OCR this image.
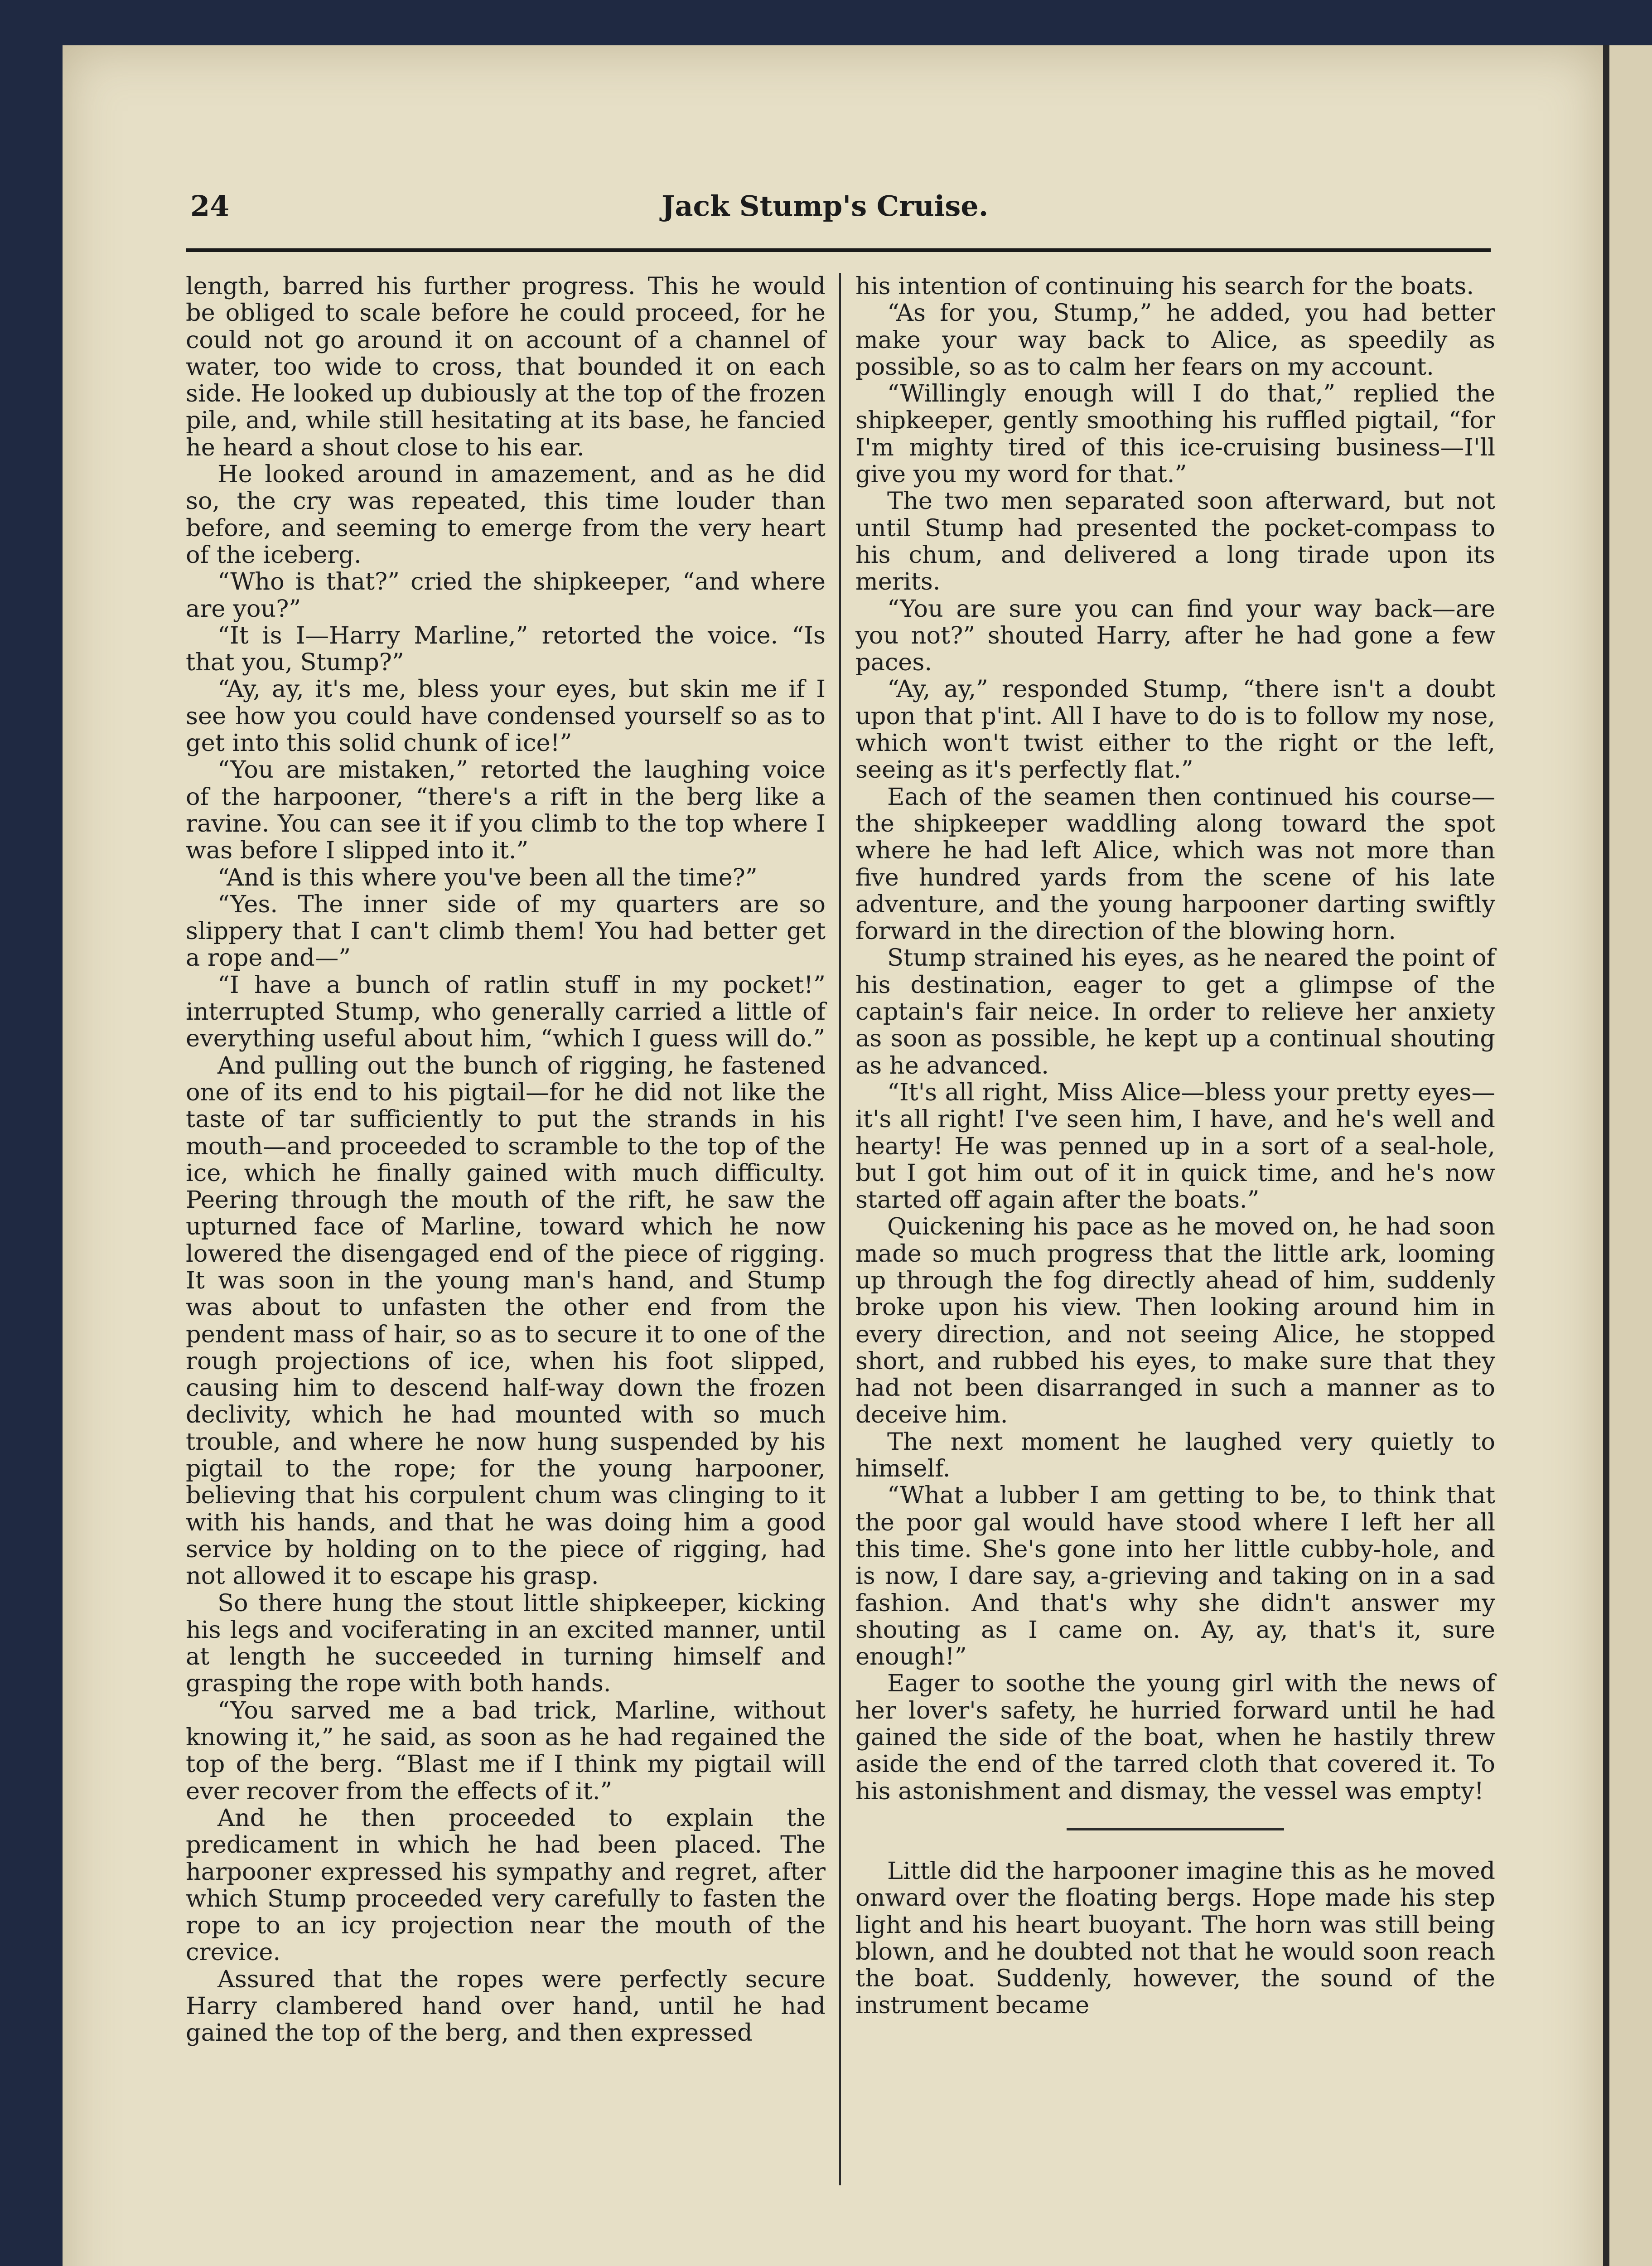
24	Jack Stump's Cruise.

length, barred his further progress. This he would be obliged to scale before he could proceed, for he could not go around it on account of a channel of water, too wide to cross, that bounded it on each side. He looked up dubiously at the top of the frozen pile, and, while still hesitating at its base, he fancied he heard a shout close to his ear.

He looked around in amazement, and as he did so, the cry was repeated, this time louder than before, and seeming to emerge from the very heart of the iceberg.

“Who is that?” cried the shipkeeper, “and where are you?”

“It is I—Harry Marline,” retorted the voice. “Is that you, Stump?”

“Ay, ay, it's me, bless your eyes, but skin me if I see how you could have condensed yourself so as to get into this solid chunk of ice!”

“You are mistaken,” retorted the laughing voice of the harpooner, “there's a rift in the berg like a ravine. You can see it if you climb to the top where I was before I slipped into it.”

“And is this where you've been all the time?”

“Yes. The inner side of my quarters are so slippery that I can't climb them! You had better get a rope and—”

“I have a bunch of ratlin stuff in my pocket!” interrupted Stump, who generally carried a little of everything useful about him, “which I guess will do.”

And pulling out the bunch of rigging, he fastened one of its end to his pigtail—for he did not like the taste of tar sufficiently to put the strands in his mouth—and proceeded to scramble to the top of the ice, which he finally gained with much difficulty. Peering through the mouth of the rift, he saw the upturned face of Marline, toward which he now lowered the disengaged end of the piece of rigging. It was soon in the young man's hand, and Stump was about to unfasten the other end from the pendent mass of hair, so as to secure it to one of the rough projections of ice, when his foot slipped, causing him to descend half-way down the frozen declivity, which he had mounted with so much trouble, and where he now hung suspended by his pigtail to the rope; for the young harpooner, believing that his corpulent chum was clinging to it with his hands, and that he was doing him a good service by holding on to the piece of rigging, had not allowed it to escape his grasp.

So there hung the stout little shipkeeper, kicking his legs and vociferating in an excited manner, until at length he succeeded in turning himself and grasping the rope with both hands.

“You sarved me a bad trick, Marline, without knowing it,” he said, as soon as he had regained the top of the berg. “Blast me if I think my pigtail will ever recover from the effects of it.”

And he then proceeded to explain the predicament in which he had been placed. The harpooner expressed his sympathy and regret, after which Stump proceeded very carefully to fasten the rope to an icy projection near the mouth of the crevice.

Assured that the ropes were perfectly secure Harry clambered hand over hand, until he had gained the top of the berg, and then expressed

his intention of continuing his search for the boats.

“As for you, Stump,” he added, you had better make your way back to Alice, as speedily as possible, so as to calm her fears on my account.

“Willingly enough will I do that,” replied the shipkeeper, gently smoothing his ruffled pigtail, “for I'm mighty tired of this ice-cruising business—I'll give you my word for that.”

The two men separated soon afterward, but not until Stump had presented the pocket-compass to his chum, and delivered a long tirade upon its merits.

“You are sure you can find your way back—are you not?” shouted Harry, after he had gone a few paces.

“Ay, ay,” responded Stump, “there isn't a doubt upon that p'int. All I have to do is to follow my nose, which won't twist either to the right or the left, seeing as it's perfectly flat.”

Each of the seamen then continued his course—the shipkeeper waddling along toward the spot where he had left Alice, which was not more than five hundred yards from the scene of his late adventure, and the young harpooner darting swiftly forward in the direction of the blowing horn.

Stump strained his eyes, as he neared the point of his destination, eager to get a glimpse of the captain's fair neice. In order to relieve her anxiety as soon as possible, he kept up a continual shouting as he advanced.

“It's all right, Miss Alice—bless your pretty eyes—it's all right! I've seen him, I have, and he's well and hearty! He was penned up in a sort of a seal-hole, but I got him out of it in quick time, and he's now started off again after the boats.”

Quickening his pace as he moved on, he had soon made so much progress that the little ark, looming up through the fog directly ahead of him, suddenly broke upon his view. Then looking around him in every direction, and not seeing Alice, he stopped short, and rubbed his eyes, to make sure that they had not been disarranged in such a manner as to deceive him.

The next moment he laughed very quietly to himself.

“What a lubber I am getting to be, to think that the poor gal would have stood where I left her all this time. She's gone into her little cubby-hole, and is now, I dare say, a-grieving and taking on in a sad fashion. And that's why she didn't answer my shouting as I came on. Ay, ay, that's it, sure enough!”

Eager to soothe the young girl with the news of her lover's safety, he hurried forward until he had gained the side of the boat, when he hastily threw aside the end of the tarred cloth that covered it. To his astonishment and dismay, the vessel was empty!

Little did the harpooner imagine this as he moved onward over the floating bergs. Hope made his step light and his heart buoyant. The horn was still being blown, and he doubted not that he would soon reach the boat. Suddenly, however, the sound of the instrument became
